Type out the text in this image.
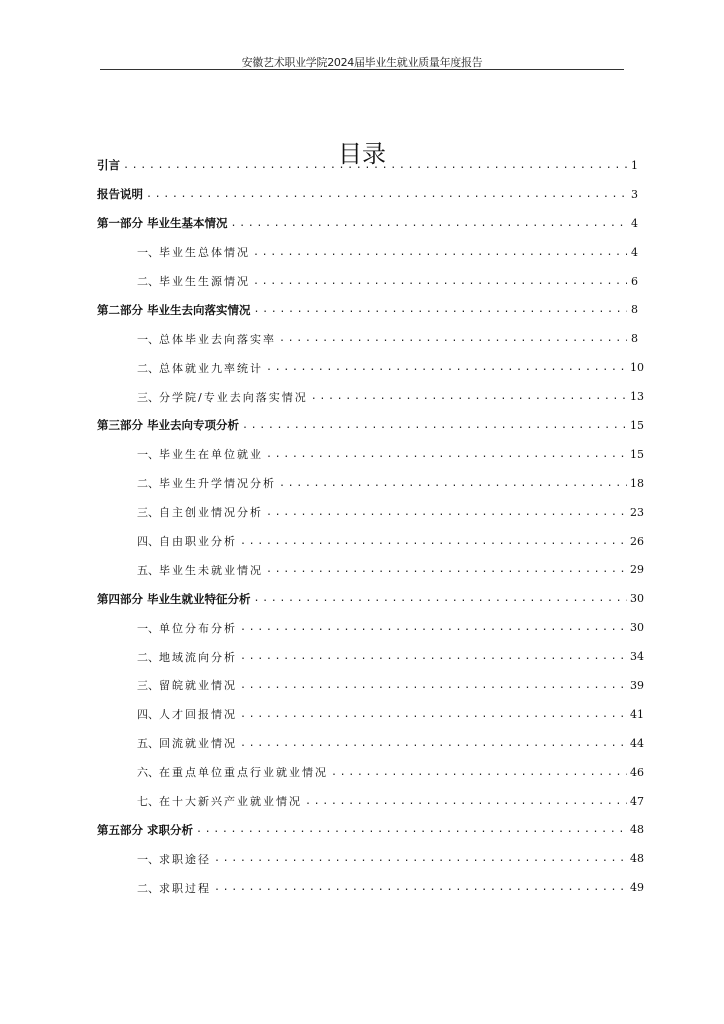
安徽艺术职业学院2024届毕业生就业质量年度报告
目录
引言 .....	1
报告说明 .....	3
第一部分 毕业生基本情况 .....	4
一、 毕业生总体情况 .....	4
二、 毕业生生源情况 .....	6
第二部分 毕业生去向落实情况 .....	8
一、 总体毕业去向落实率 .....	8
二、 总体就业九率统计 .....	10
三、 分学院/专业去向落实情况 .....	13
第三部分 毕业去向专项分析 .....	15
一、 毕业生在单位就业 .....	15
二、 毕业生升学情况分析 .....	18
三、 自主创业情况分析 .....	23
四、 自由职业分析 .....	26
五、 毕业生未就业情况 .....	29
第四部分 毕业生就业特征分析 .....	30
一、 单位分布分析 .....	30
二、 地域流向分析 .....	34
三、 留皖就业情况 .....	39
四、 人才回报情况 .....	41
五、 回流就业情况 .....	44
六、 在重点单位重点行业就业情况 .....	46
七、 在十大新兴产业就业情况 .....	47
第五部分 求职分析 .....	48
一、 求职途径 .....	48
二、 求职过程 .....	49
